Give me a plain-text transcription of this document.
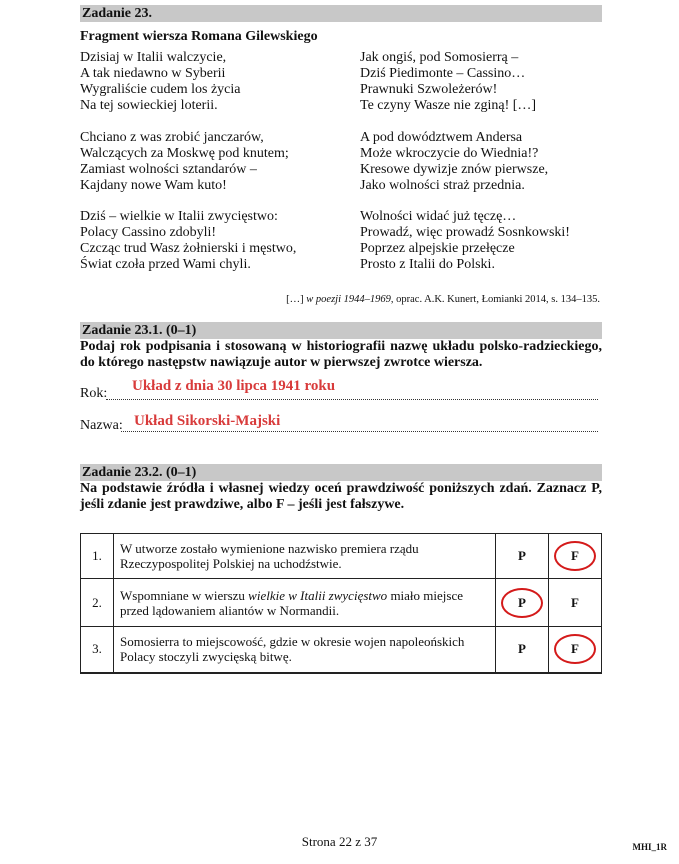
Zadanie 23.
Fragment wiersza Romana Gilewskiego
Dzisiaj w Italii walczycie,
A tak niedawno w Syberii
Wygraliście cudem los życia
Na tej sowieckiej loterii.
Chciano z was zrobić janczarów,
Walczących za Moskwę pod knutem;
Zamiast wolności sztandarów –
Kajdany nowe Wam kuto!
Dziś – wielkie w Italii zwycięstwo:
Polacy Cassino zdobyli!
Czcząc trud Wasz żołnierski i męstwo,
Świat czoła przed Wami chyli.
Jak ongiś, pod Somosierrą –
Dziś Piedimonte – Cassino…
Prawnuki Szwoleżerów!
Te czyny Wasze nie zginą! […]
A pod dowództwem Andersa
Może wkroczycie do Wiednia!?
Kresowe dywizje znów pierwsze,
Jako wolności straż przednia.
Wolności widać już tęczę…
Prowadź, więc prowadź Sosnkowski!
Poprzez alpejskie przełęcze
Prosto z Italii do Polski.
[…] w poezji 1944–1969, oprac. A.K. Kunert, Łomianki 2014, s. 134–135.
Zadanie 23.1. (0–1)
Podaj rok podpisania i stosowaną w historiografii nazwę układu polsko-radzieckiego, do którego następstw nawiązuje autor w pierwszej zwrotce wiersza.
Rok: Układ z dnia 30 lipca 1941 roku
Nazwa: Układ Sikorski-Majski
Zadanie 23.2. (0–1)
Na podstawie źródła i własnej wiedzy oceń prawdziwość poniższych zdań. Zaznacz P, jeśli zdanie jest prawdziwe, albo F – jeśli jest fałszywe.
1.	W utworze zostało wymienione nazwisko premiera rządu Rzeczypospolitej Polskiej na uchodźstwie.	P	F

2.	Wspomniane w wierszu wielkie w Italii zwycięstwo miało miejsce przed lądowaniem aliantów w Normandii.	P	F
3.	Somosierra to miejscowość, gdzie w okresie wojen napoleońskich Polacy stoczyli zwycięską bitwę.	P	F
Strona 22 z 37	MHI_1R
